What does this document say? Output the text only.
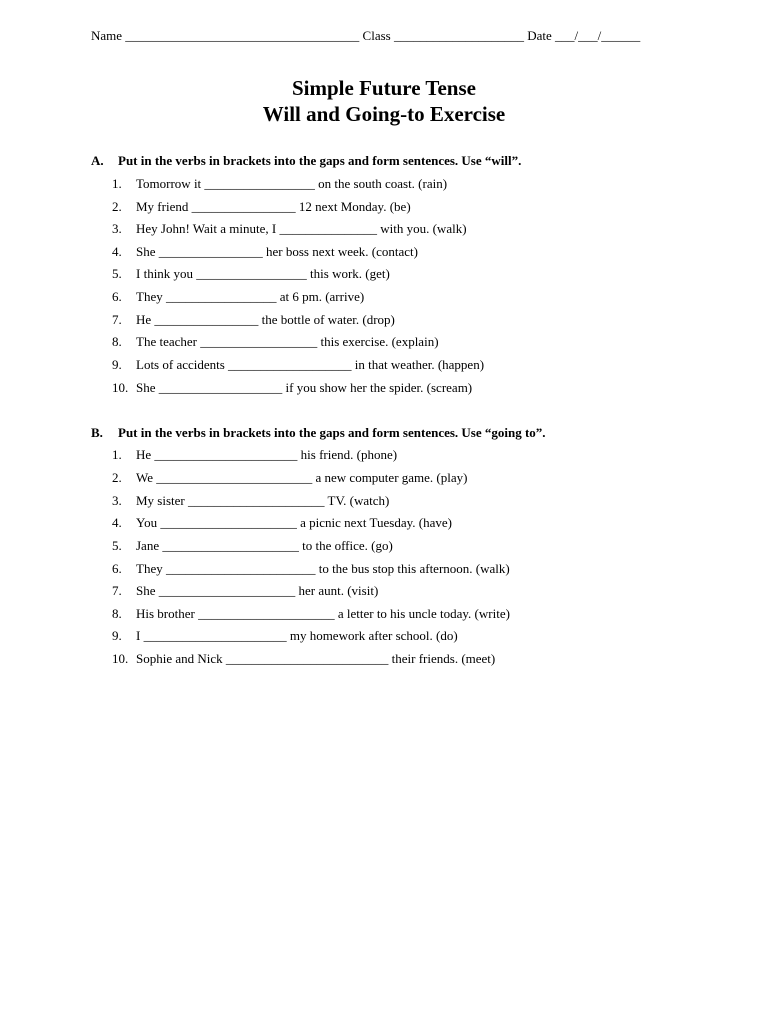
Name ____________________________________ Class ____________________ Date ___/___/______
Simple Future Tense
Will and Going-to Exercise
A. Put in the verbs in brackets into the gaps and form sentences. Use “will”.
1. Tomorrow it _________________ on the south coast. (rain)
2. My friend ________________ 12 next Monday. (be)
3. Hey John! Wait a minute, I _______________ with you. (walk)
4. She ________________ her boss next week. (contact)
5. I think you _________________ this work. (get)
6. They _________________ at 6 pm. (arrive)
7. He ________________ the bottle of water. (drop)
8. The teacher __________________ this exercise. (explain)
9. Lots of accidents ___________________ in that weather. (happen)
10. She ___________________ if you show her the spider. (scream)
B. Put in the verbs in brackets into the gaps and form sentences. Use “going to”.
1. He ______________________ his friend. (phone)
2. We ________________________ a new computer game. (play)
3. My sister _____________________ TV. (watch)
4. You _____________________ a picnic next Tuesday. (have)
5. Jane _____________________ to the office. (go)
6. They _______________________ to the bus stop this afternoon. (walk)
7. She _____________________ her aunt. (visit)
8. His brother _____________________ a letter to his uncle today. (write)
9. I ______________________ my homework after school. (do)
10. Sophie and Nick _________________________ their friends. (meet)
